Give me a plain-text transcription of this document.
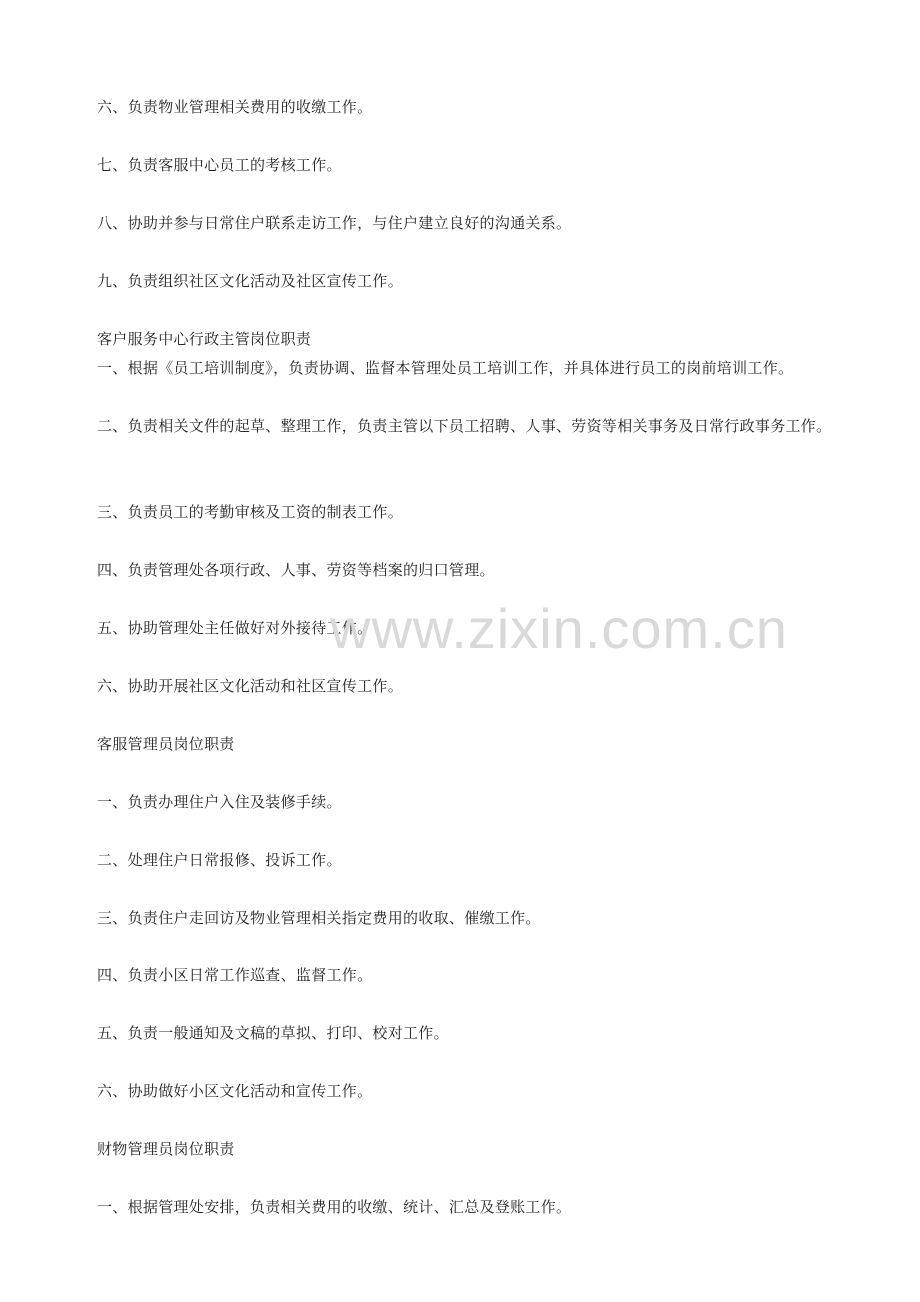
六、负责物业管理相关费用的收缴工作。
七、负责客服中心员工的考核工作。
八、协助并参与日常住户联系走访工作，与住户建立良好的沟通关系。
九、负责组织社区文化活动及社区宣传工作。
客户服务中心行政主管岗位职责
一、根据《员工培训制度》，负责协调、监督本管理处员工培训工作，并具体进行员工的岗前培训工作。
二、负责相关文件的起草、整理工作，负责主管以下员工招聘、人事、劳资等相关事务及日常行政事务工作。
三、负责员工的考勤审核及工资的制表工作。
四、负责管理处各项行政、人事、劳资等档案的归口管理。
五、协助管理处主任做好对外接待工作。
六、协助开展社区文化活动和社区宣传工作。
客服管理员岗位职责
一、负责办理住户入住及装修手续。
二、处理住户日常报修、投诉工作。
三、负责住户走回访及物业管理相关指定费用的收取、催缴工作。
四、负责小区日常工作巡查、监督工作。
五、负责一般通知及文稿的草拟、打印、校对工作。
六、协助做好小区文化活动和宣传工作。
财物管理员岗位职责
一、根据管理处安排，负责相关费用的收缴、统计、汇总及登账工作。
www.zixin.com.cn
